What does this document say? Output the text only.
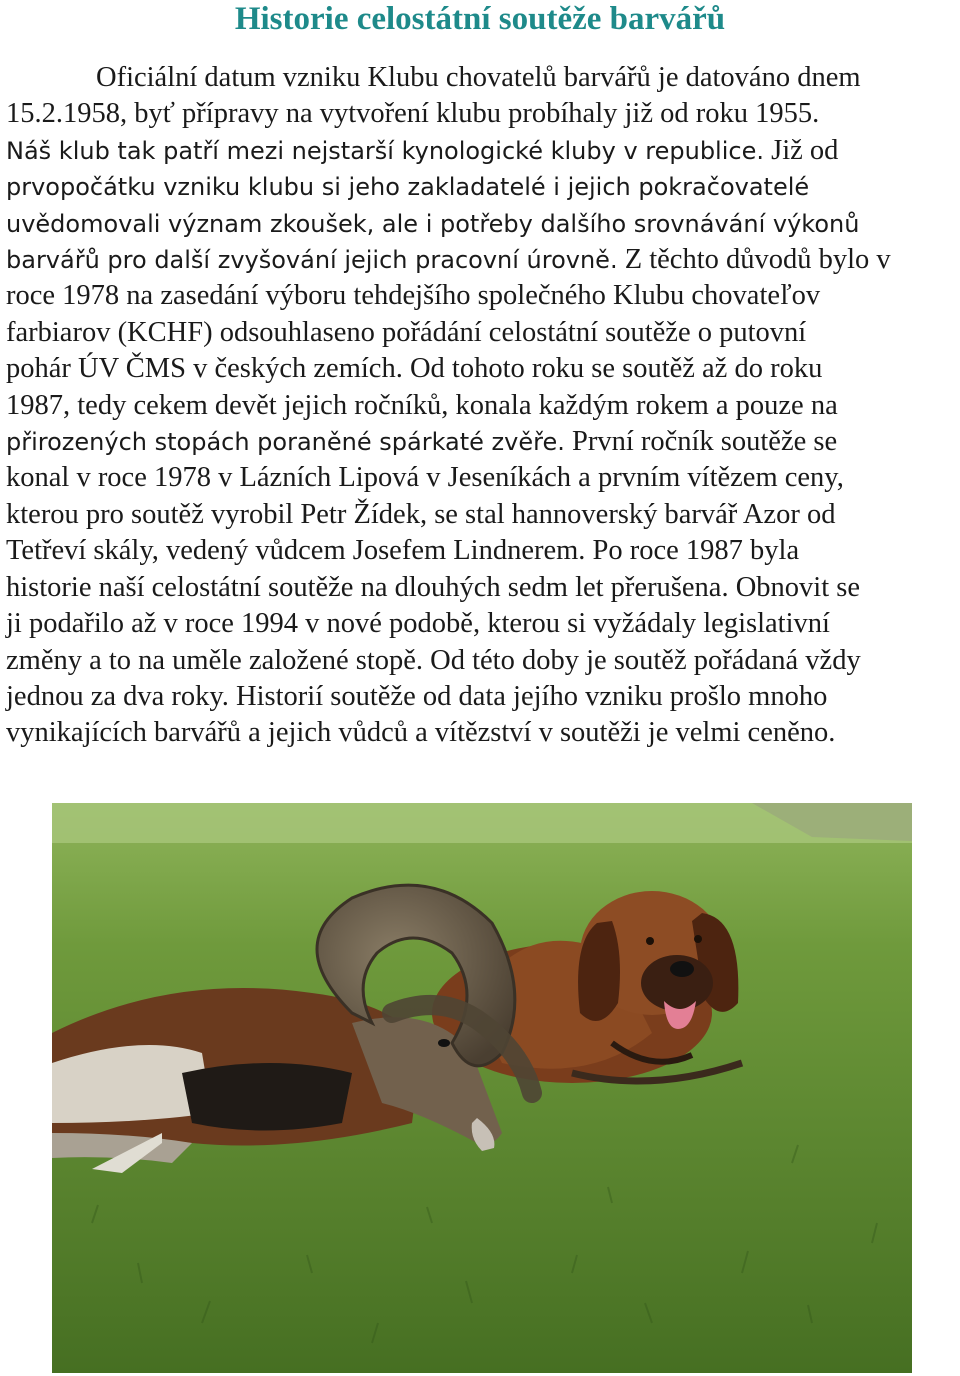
Historie celostátní soutěže barvářů

Oficiální datum vzniku Klubu chovatelů barvářů je datováno dnem
15.2.1958, byť přípravy na vytvoření klubu probíhaly již od roku 1955.
Náš klub tak patří mezi nejstarší kynologické kluby v republice. Již od
prvopočátku vzniku klubu si jeho zakladatelé i jejich pokračovatelé
uvědomovali význam zkoušek, ale i potřeby dalšího srovnávání výkonů
barvářů pro další zvyšování jejich pracovní úrovně. Z těchto důvodů bylo v
roce 1978 na zasedání výboru tehdejšího společného Klubu chovateľov
farbiarov (KCHF) odsouhlaseno pořádání celostátní soutěže o putovní
pohár ÚV ČMS v českých zemích. Od tohoto roku se soutěž až do roku
1987, tedy cekem devět jejich ročníků, konala každým rokem a pouze na
přirozených stopách poraněné spárkaté zvěře. První ročník soutěže se
konal v roce 1978 v Lázních Lipová v Jeseníkách a prvním vítězem ceny,
kterou pro soutěž vyrobil Petr Žídek, se stal hannoverský barvář Azor od
Tetřeví skály, vedený vůdcem Josefem Lindnerem. Po roce 1987 byla
historie naší celostátní soutěže na dlouhých sedm let přerušena. Obnovit se
ji podařilo až v roce 1994 v nové podobě, kterou si vyžádaly legislativní
změny a to na uměle založené stopě. Od této doby je soutěž pořádaná vždy
jednou za dva roky. Historií soutěže od data jejího vzniku prošlo mnoho
vynikajících barvářů a jejich vůdců a vítězství v soutěži je velmi ceněno.
